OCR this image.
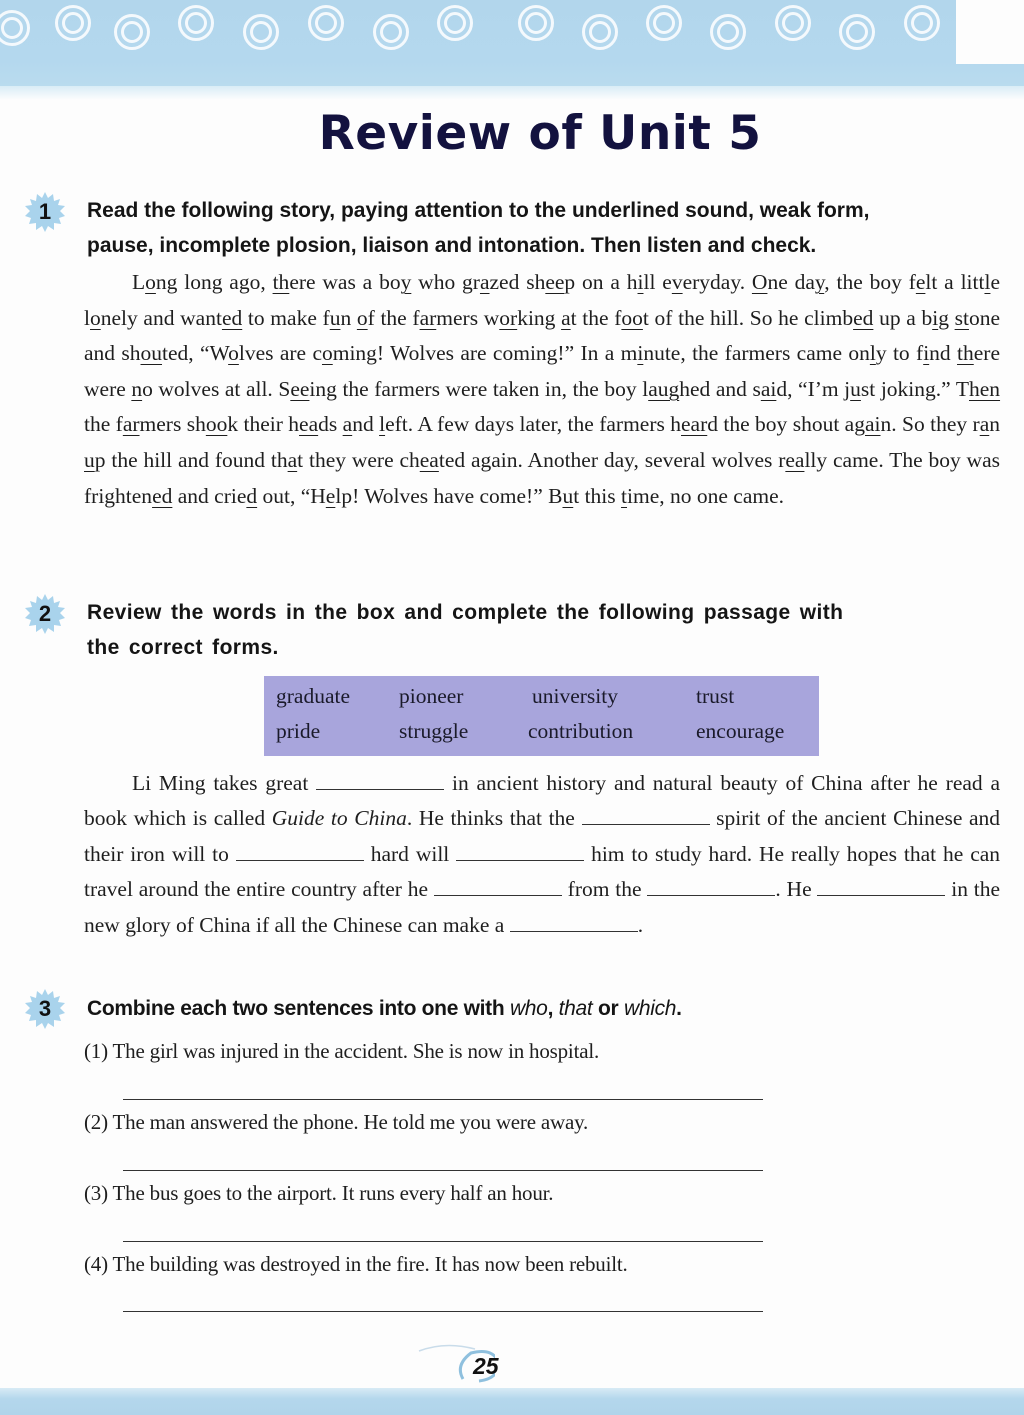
Review of Unit 5
1 Read the following story, paying attention to the underlined sound, weak form,
pause, incomplete plosion, liaison and intonation. Then listen and check.
Long long ago, there was a boy who grazed sheep on a hill everyday. One day, the boy felt a little lonely and wanted to make fun of the farmers working at the foot of the hill. So he climbed up a big stone and shouted, “Wolves are coming! Wolves are coming!” In a minute, the farmers came only to find there were no wolves at all. Seeing the farmers were taken in, the boy laughed and said, “I’m just joking.” Then the farmers shook their heads and left. A few days later, the farmers heard the boy shout again. So they ran up the hill and found that they were cheated again. Another day, several wolves really came. The boy was frightened and cried out, “Help! Wolves have come!” But this time, no one came.
2 Review the words in the box and complete the following passage with
the correct forms.
graduate pioneer	university	trust
pride	struggle	contribution	encourage
Li Ming takes great	in ancient history and natural beauty of China after he read a book which is called Guide to China. He thinks that the	spirit of the ancient Chinese and their iron will to	hard will	him to study hard. He really hopes that he can travel around the entire country after he	from the	. He	in the new glory of China if all the Chinese can make a	.
3 Combine each two sentences into one with who, that or which.
(1) The girl was injured in the accident. She is now in hospital.
(2) The man answered the phone. He told me you were away.
(3) The bus goes to the airport. It runs every half an hour.
(4) The building was destroyed in the fire. It has now been rebuilt.
25
